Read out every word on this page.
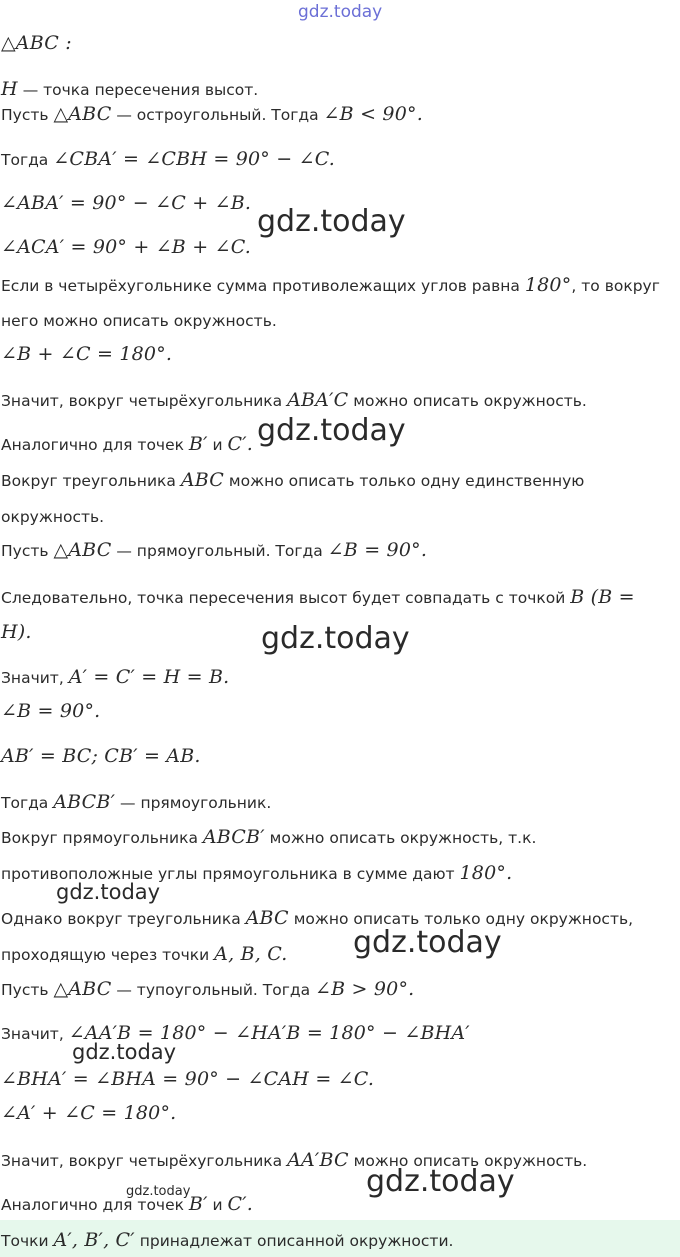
gdz.today
gdz.today
gdz.today
gdz.today
gdz.today
gdz.today
gdz.today
gdz.today
gdz.today
△ABC :
H — точка пересечения высот.
Пусть △ABC — остроугольный. Тогда ∠B < 90°.
Тогда ∠CBA′ = ∠CBH = 90° − ∠C.
∠ABA′ = 90° − ∠C + ∠B.
∠ACA′ = 90° + ∠B + ∠C.
Если в четырёхугольнике сумма противолежащих углов равна 180°, то вокруг
него можно описать окружность.
∠B + ∠C = 180°.
Значит, вокруг четырёхугольника ABA′C можно описать окружность.
Аналогично для точек B′ и C′.
Вокруг треугольника ABC можно описать только одну единственную
окружность.
Пусть △ABC — прямоугольный. Тогда ∠B = 90°.
Следовательно, точка пересечения высот будет совпадать с точкой B (B =
H).
Значит, A′ = C′ = H = B.
∠B = 90°.
AB′ = BC; CB′ = AB.
Тогда ABCB′ — прямоугольник.
Вокруг прямоугольника ABCB′ можно описать окружность, т.к.
противоположные углы прямоугольника в сумме дают 180°.
Однако вокруг треугольника ABC можно описать только одну окружность,
проходящую через точки A, B, C.
Пусть △ABC — тупоугольный. Тогда ∠B > 90°.
Значит, ∠AA′B = 180° − ∠HA′B = 180° − ∠BHA′
∠BHA′ = ∠BHA = 90° − ∠CAH = ∠C.
∠A′ + ∠C = 180°.
Значит, вокруг четырёхугольника AA′BC можно описать окружность.
Аналогично для точек B′ и C′.
Точки A′, B′, C′ принадлежат описанной окружности.
